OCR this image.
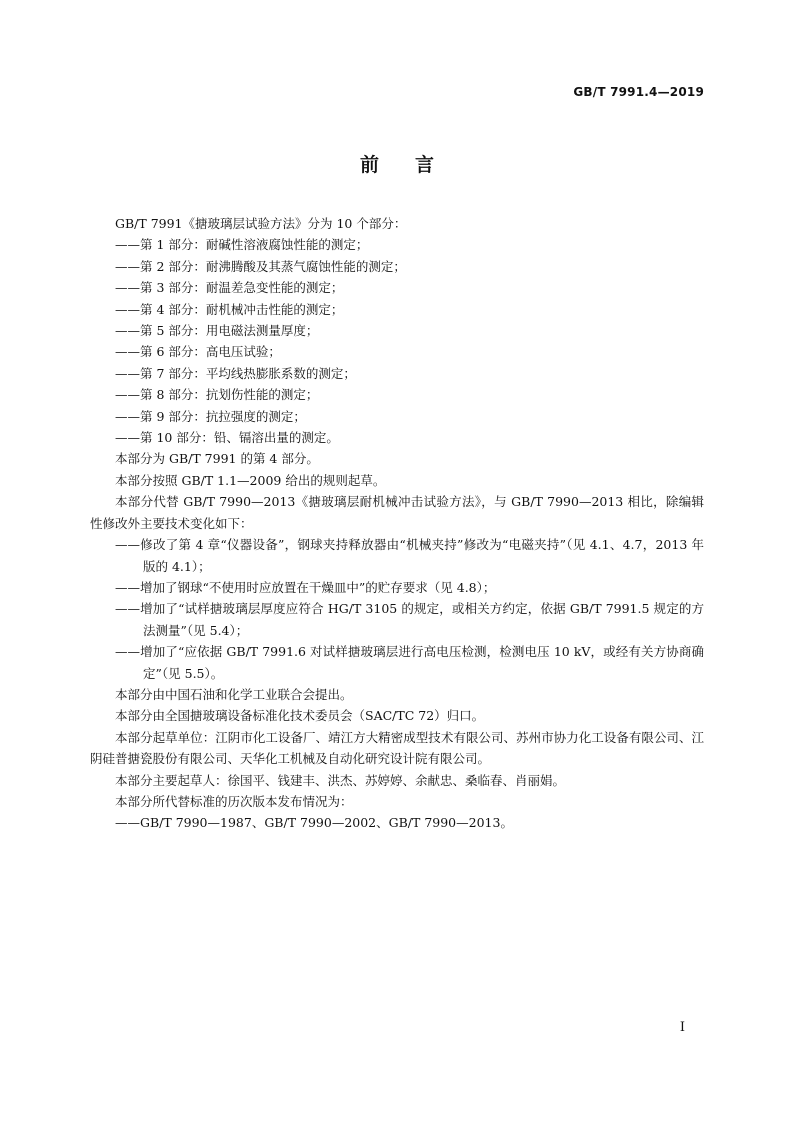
GB/T 7991.4—2019
前言

GB/T 7991《搪玻璃层试验方法》分为 10 个部分：

——第 1 部分：耐碱性溶液腐蚀性能的测定；

——第 2 部分：耐沸腾酸及其蒸气腐蚀性能的测定；

——第 3 部分：耐温差急变性能的测定；

——第 4 部分：耐机械冲击性能的测定；

——第 5 部分：用电磁法测量厚度；

——第 6 部分：高电压试验；

——第 7 部分：平均线热膨胀系数的测定；

——第 8 部分：抗划伤性能的测定；

——第 9 部分：抗拉强度的测定；

——第 10 部分：铅、镉溶出量的测定。

本部分为 GB/T 7991 的第 4 部分。

本部分按照 GB/T 1.1—2009 给出的规则起草。

本部分代替 GB/T 7990—2013《搪玻璃层耐机械冲击试验方法》，与 GB/T 7990—2013 相比，除编辑性修改外主要技术变化如下：

——修改了第 4 章“仪器设备”，钢球夹持释放器由“机械夹持”修改为“电磁夹持”（见 4.1、4.7，2013 年版的 4.1）；

——增加了钢球“不使用时应放置在干燥皿中”的贮存要求（见 4.8）；

——增加了“试样搪玻璃层厚度应符合 HG/T 3105 的规定，或相关方约定，依据 GB/T 7991.5 规定的方法测量”（见 5.4）；

——增加了“应依据 GB/T 7991.6 对试样搪玻璃层进行高电压检测，检测电压 10 kV，或经有关方协商确定”（见 5.5）。

本部分由中国石油和化学工业联合会提出。

本部分由全国搪玻璃设备标准化技术委员会（SAC/TC 72）归口。

本部分起草单位：江阴市化工设备厂、靖江方大精密成型技术有限公司、苏州市协力化工设备有限公司、江阴硅普搪瓷股份有限公司、天华化工机械及自动化研究设计院有限公司。

本部分主要起草人：徐国平、钱建丰、洪杰、苏婷婷、余献忠、桑临春、肖丽娟。

本部分所代替标准的历次版本发布情况为：

——GB/T 7990—1987、GB/T 7990—2002、GB/T 7990—2013。

I
